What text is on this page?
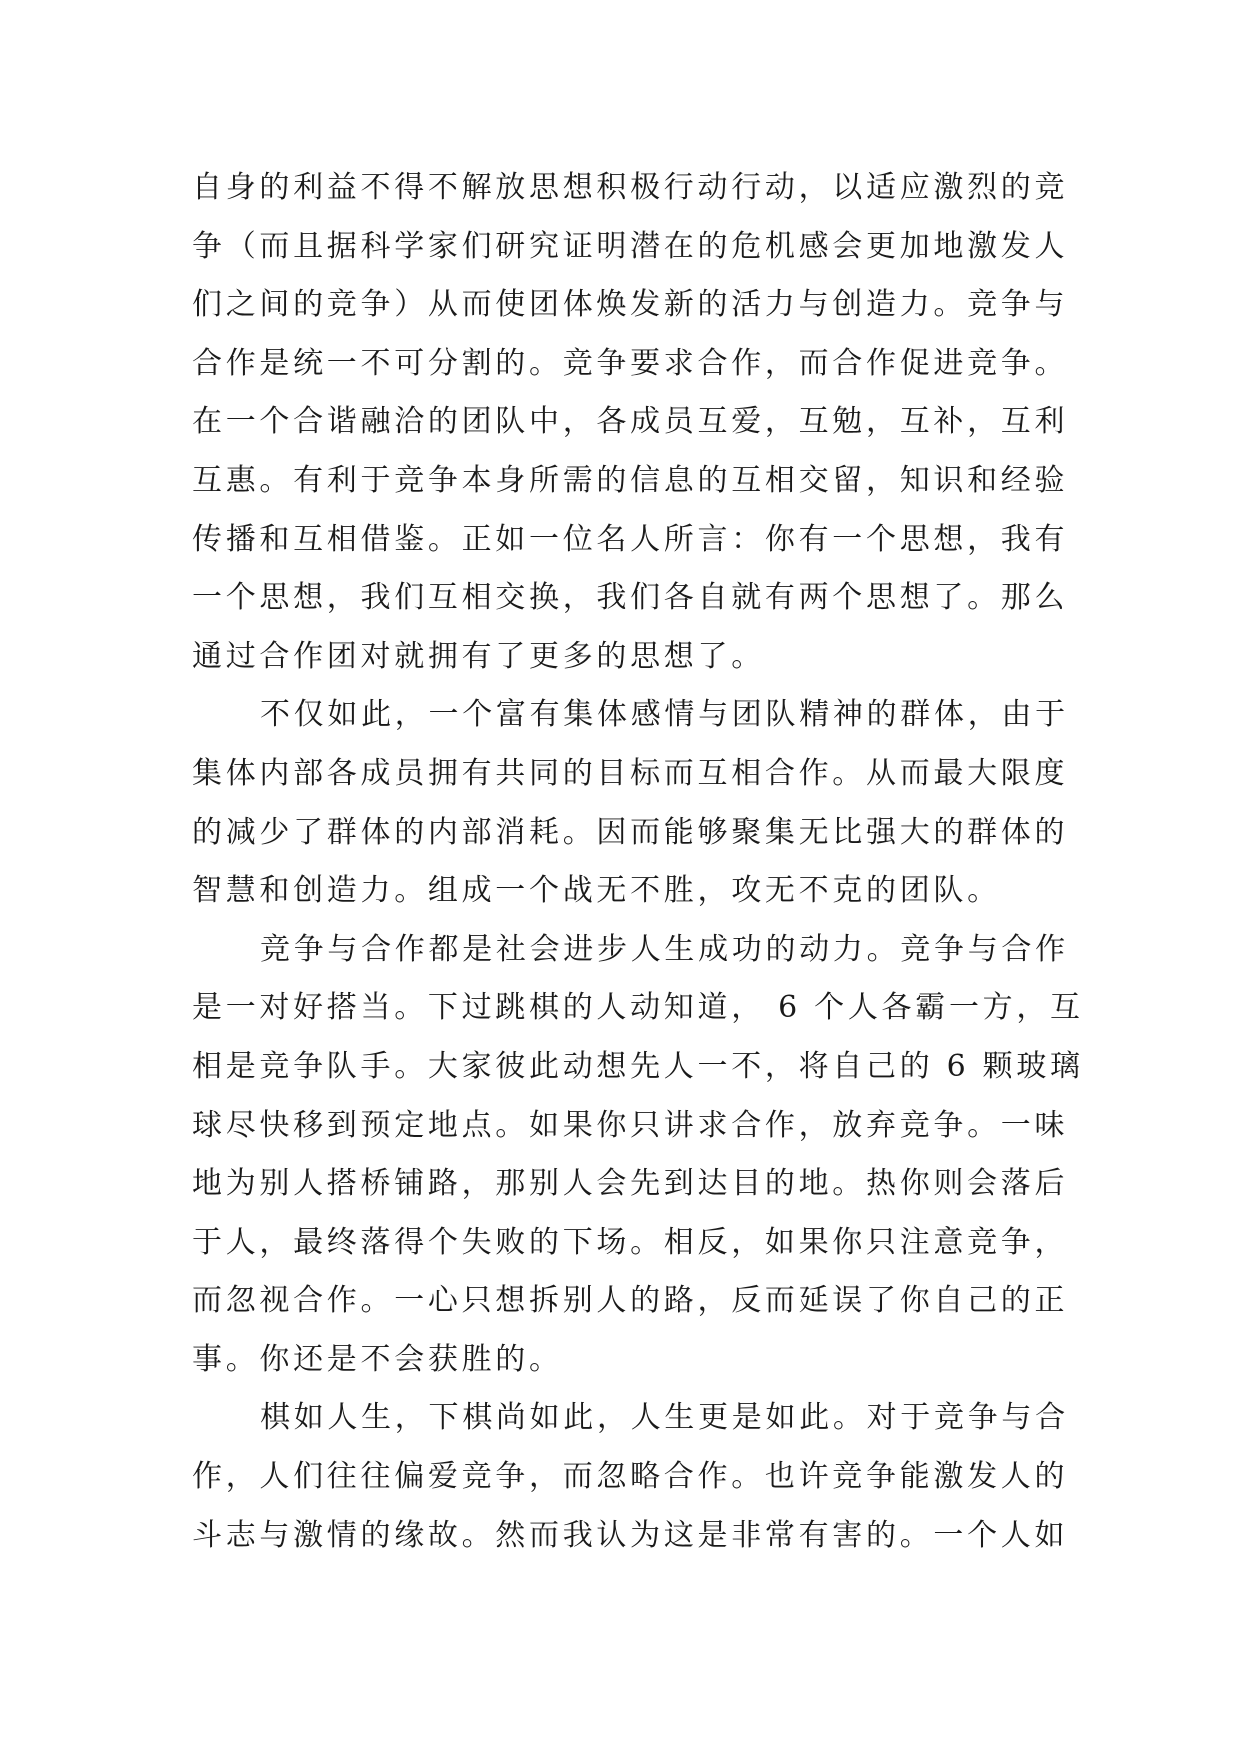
自身的利益不得不解放思想积极行动行动，以适应激烈的竞
争（而且据科学家们研究证明潜在的危机感会更加地激发人
们之间的竞争）从而使团体焕发新的活力与创造力。竞争与
合作是统一不可分割的。竞争要求合作，而合作促进竞争。
在一个合谐融洽的团队中，各成员互爱，互勉，互补，互利
互惠。有利于竞争本身所需的信息的互相交留，知识和经验
传播和互相借鉴。正如一位名人所言：你有一个思想，我有
一个思想，我们互相交换，我们各自就有两个思想了。那么
通过合作团对就拥有了更多的思想了。
不仅如此，一个富有集体感情与团队精神的群体，由于
集体内部各成员拥有共同的目标而互相合作。从而最大限度
的减少了群体的内部消耗。因而能够聚集无比强大的群体的
智慧和创造力。组成一个战无不胜，攻无不克的团队。
竞争与合作都是社会进步人生成功的动力。竞争与合作
是一对好搭当。下过跳棋的人动知道， 6 个人各霸一方，互
相是竞争队手。大家彼此动想先人一不，将自己的 6 颗玻璃
球尽快移到预定地点。如果你只讲求合作，放弃竞争。一味
地为别人搭桥铺路，那别人会先到达目的地。热你则会落后
于人，最终落得个失败的下场。相反，如果你只注意竞争，
而忽视合作。一心只想拆别人的路，反而延误了你自己的正
事。你还是不会获胜的。
棋如人生，下棋尚如此，人生更是如此。对于竞争与合
作，人们往往偏爱竞争，而忽略合作。也许竞争能激发人的
斗志与激情的缘故。然而我认为这是非常有害的。一个人如
